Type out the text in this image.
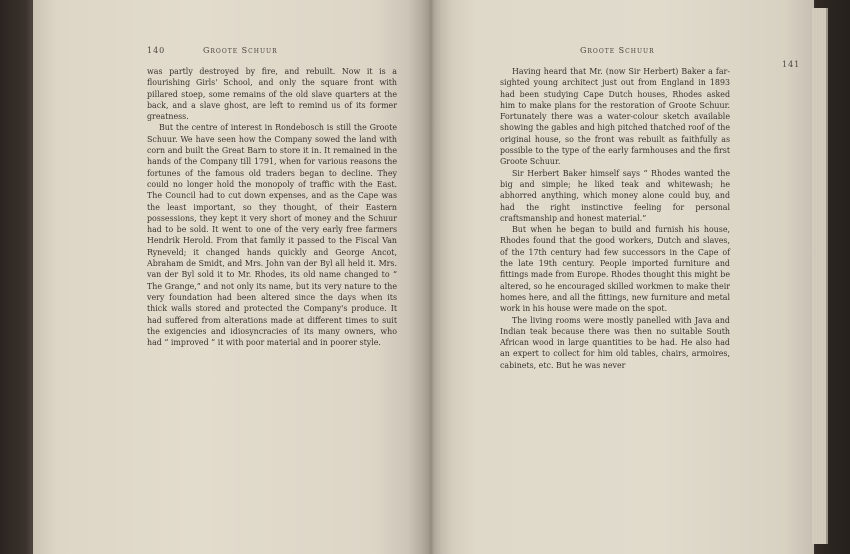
140	Groote Schuur

was partly destroyed by fire, and rebuilt. Now it is a flourishing Girls' School, and only the square front with pillared stoep, some remains of the old slave quarters at the back, and a slave ghost, are left to remind us of its former greatness.

But the centre of interest in Rondebosch is still the Groote Schuur. We have seen how the Company sowed the land with corn and built the Great Barn to store it in. It remained in the hands of the Company till 1791, when for various reasons the fortunes of the famous old traders began to decline. They could no longer hold the monopoly of traffic with the East. The Council had to cut down expenses, and as the Cape was the least important, so they thought, of their Eastern possessions, they kept it very short of money and the Schuur had to be sold. It went to one of the very early free farmers Hendrik Herold. From that family it passed to the Fiscal Van Ryneveld; it changed hands quickly and George Ancot, Abraham de Smidt, and Mrs. John van der Byl all held it. Mrs. van der Byl sold it to Mr. Rhodes, its old name changed to “ The Grange,” and not only its name, but its very nature to the very foundation had been altered since the days when its thick walls stored and protected the Company's produce. It had suffered from alterations made at different times to suit the exigencies and idiosyncracies of its many owners, who had “ improved ” it with poor material and in poorer style.

Groote Schuur
141

Having heard that Mr. (now Sir Herbert) Baker a far-sighted young architect just out from England in 1893 had been studying Cape Dutch houses, Rhodes asked him to make plans for the restoration of Groote Schuur. Fortunately there was a water-colour sketch available showing the gables and high pitched thatched roof of the original house, so the front was rebuilt as faithfully as possible to the type of the early farmhouses and the first Groote Schuur.

Sir Herbert Baker himself says “ Rhodes wanted the big and simple; he liked teak and whitewash; he abhorred anything, which money alone could buy, and had the right instinctive feeling for personal craftsmanship and honest material.”

But when he began to build and furnish his house, Rhodes found that the good workers, Dutch and slaves, of the 17th century had few successors in the Cape of the late 19th century. People imported furniture and fittings made from Europe. Rhodes thought this might be altered, so he encouraged skilled workmen to make their homes here, and all the fittings, new furniture and metal work in his house were made on the spot.

The living rooms were mostly panelled with Java and Indian teak because there was then no suitable South African wood in large quantities to be had. He also had an expert to collect for him old tables, chairs, armoires, cabinets, etc. But he was never
